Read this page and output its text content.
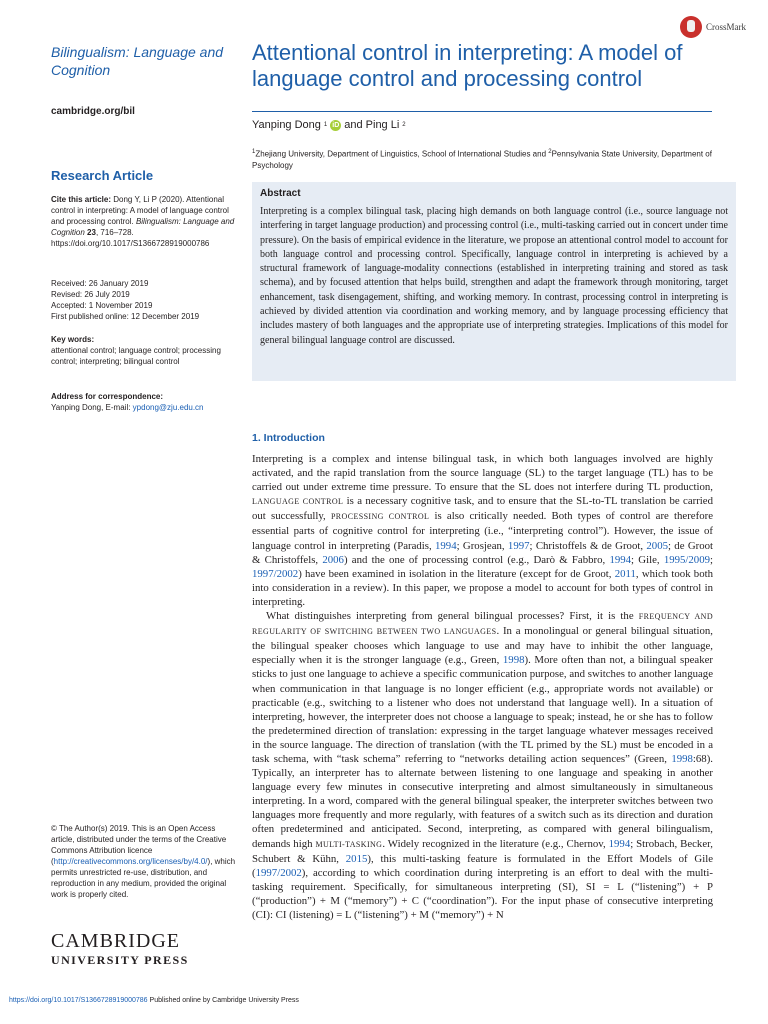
CrossMark
Bilingualism: Language and Cognition
cambridge.org/bil
Research Article
Cite this article: Dong Y, Li P (2020). Attentional control in interpreting: A model of language control and processing control. Bilingualism: Language and Cognition 23, 716–728. https://doi.org/10.1017/S1366728919000786
Received: 26 January 2019
Revised: 26 July 2019
Accepted: 1 November 2019
First published online: 12 December 2019
Key words:
attentional control; language control; processing control; interpreting; bilingual control
Address for correspondence:
Yanping Dong, E-mail: ypdong@zju.edu.cn
© The Author(s) 2019. This is an Open Access article, distributed under the terms of the Creative Commons Attribution licence (http://creativecommons.org/licenses/by/4.0/), which permits unrestricted re-use, distribution, and reproduction in any medium, provided the original work is properly cited.
CAMBRIDGE
UNIVERSITY PRESS
Attentional control in interpreting: A model of language control and processing control
Yanping Dong 1 iD and Ping Li 2
$^1$Zhejiang University, Department of Linguistics, School of International Studies and $^2$Pennsylvania State University, Department of Psychology
Abstract
Interpreting is a complex bilingual task, placing high demands on both language control (i.e., source language not interfering in target language production) and processing control (i.e., multi-tasking carried out in concert under time pressure). On the basis of empirical evidence in the literature, we propose an attentional control model to account for both language control and processing control. Specifically, language control in interpreting is achieved by a structural framework of language-modality connections (established in interpreting training and stored as task schema), and by focused attention that helps build, strengthen and adapt the framework through monitoring, target enhancement, task disengagement, shifting, and working memory. In contrast, processing control in interpreting is achieved by divided attention via coordination and working memory, and by language processing efficiency that includes mastery of both languages and the appropriate use of interpreting strategies. Implications of this model for general bilingual language control are discussed.
1. Introduction

Interpreting is a complex and intense bilingual task, in which both languages involved are highly activated, and the rapid translation from the source language (SL) to the target language (TL) has to be carried out under extreme time pressure. To ensure that the SL does not interfere during TL production, LANGUAGE CONTROL is a necessary cognitive task, and to ensure that the SL-to-TL translation be carried out successfully, PROCESSING CONTROL is also critically needed. Both types of control are therefore essential parts of cognitive control for interpreting (i.e., “interpreting control”). However, the issue of language control in interpreting (Paradis, 1994; Grosjean, 1997; Christoffels & de Groot, 2005; de Groot & Christoffels, 2006) and the one of processing control (e.g., Darò & Fabbro, 1994; Gile, 1995/2009; 1997/2002) have been examined in isolation in the literature (except for de Groot, 2011, which took both into consideration in a review). In this paper, we propose a model to account for both types of control in interpreting.

What distinguishes interpreting from general bilingual processes? First, it is the FREQUENCY AND REGULARITY OF SWITCHING BETWEEN TWO LANGUAGES. In a monolingual or general bilingual situation, the bilingual speaker chooses which language to use and may have to inhibit the other language, especially when it is the stronger language (e.g., Green, 1998). More often than not, a bilingual speaker sticks to just one language to achieve a specific communication purpose, and switches to another language when communication in that language is no longer efficient (e.g., appropriate words not available) or practicable (e.g., switching to a listener who does not understand that language well). In a situation of interpreting, however, the interpreter does not choose a language to speak; instead, he or she has to follow the predetermined direction of translation: expressing in the target language whatever messages received in the source language. The direction of translation (with the TL primed by the SL) must be encoded in a task schema, with “task schema” referring to “networks detailing action sequences” (Green, 1998:68). Typically, an interpreter has to alternate between listening to one language and speaking in another language every few minutes in consecutive interpreting and almost simultaneously in simultaneous interpreting. In a word, compared with the general bilingual speaker, the interpreter switches between two languages more frequently and more regularly, with features of a switch such as its direction and duration often predetermined and anticipated. Second, interpreting, as compared with general bilingualism, demands high MULTI-TASKING. Widely recognized in the literature (e.g., Chernov, 1994; Strobach, Becker, Schubert & Kühn, 2015), this multi-tasking feature is formulated in the Effort Models of Gile (1997/2002), according to which coordination during interpreting is an effort to deal with the multi-tasking requirement. Specifically, for simultaneous interpreting (SI), SI = L (“listening”) + P (“production”) + M (“memory”) + C (“coordination”). For the input phase of consecutive interpreting (CI): CI (listening) = L (“listening”) + M (“memory”) + N

https://doi.org/10.1017/S1366728919000786 Published online by Cambridge University Press
